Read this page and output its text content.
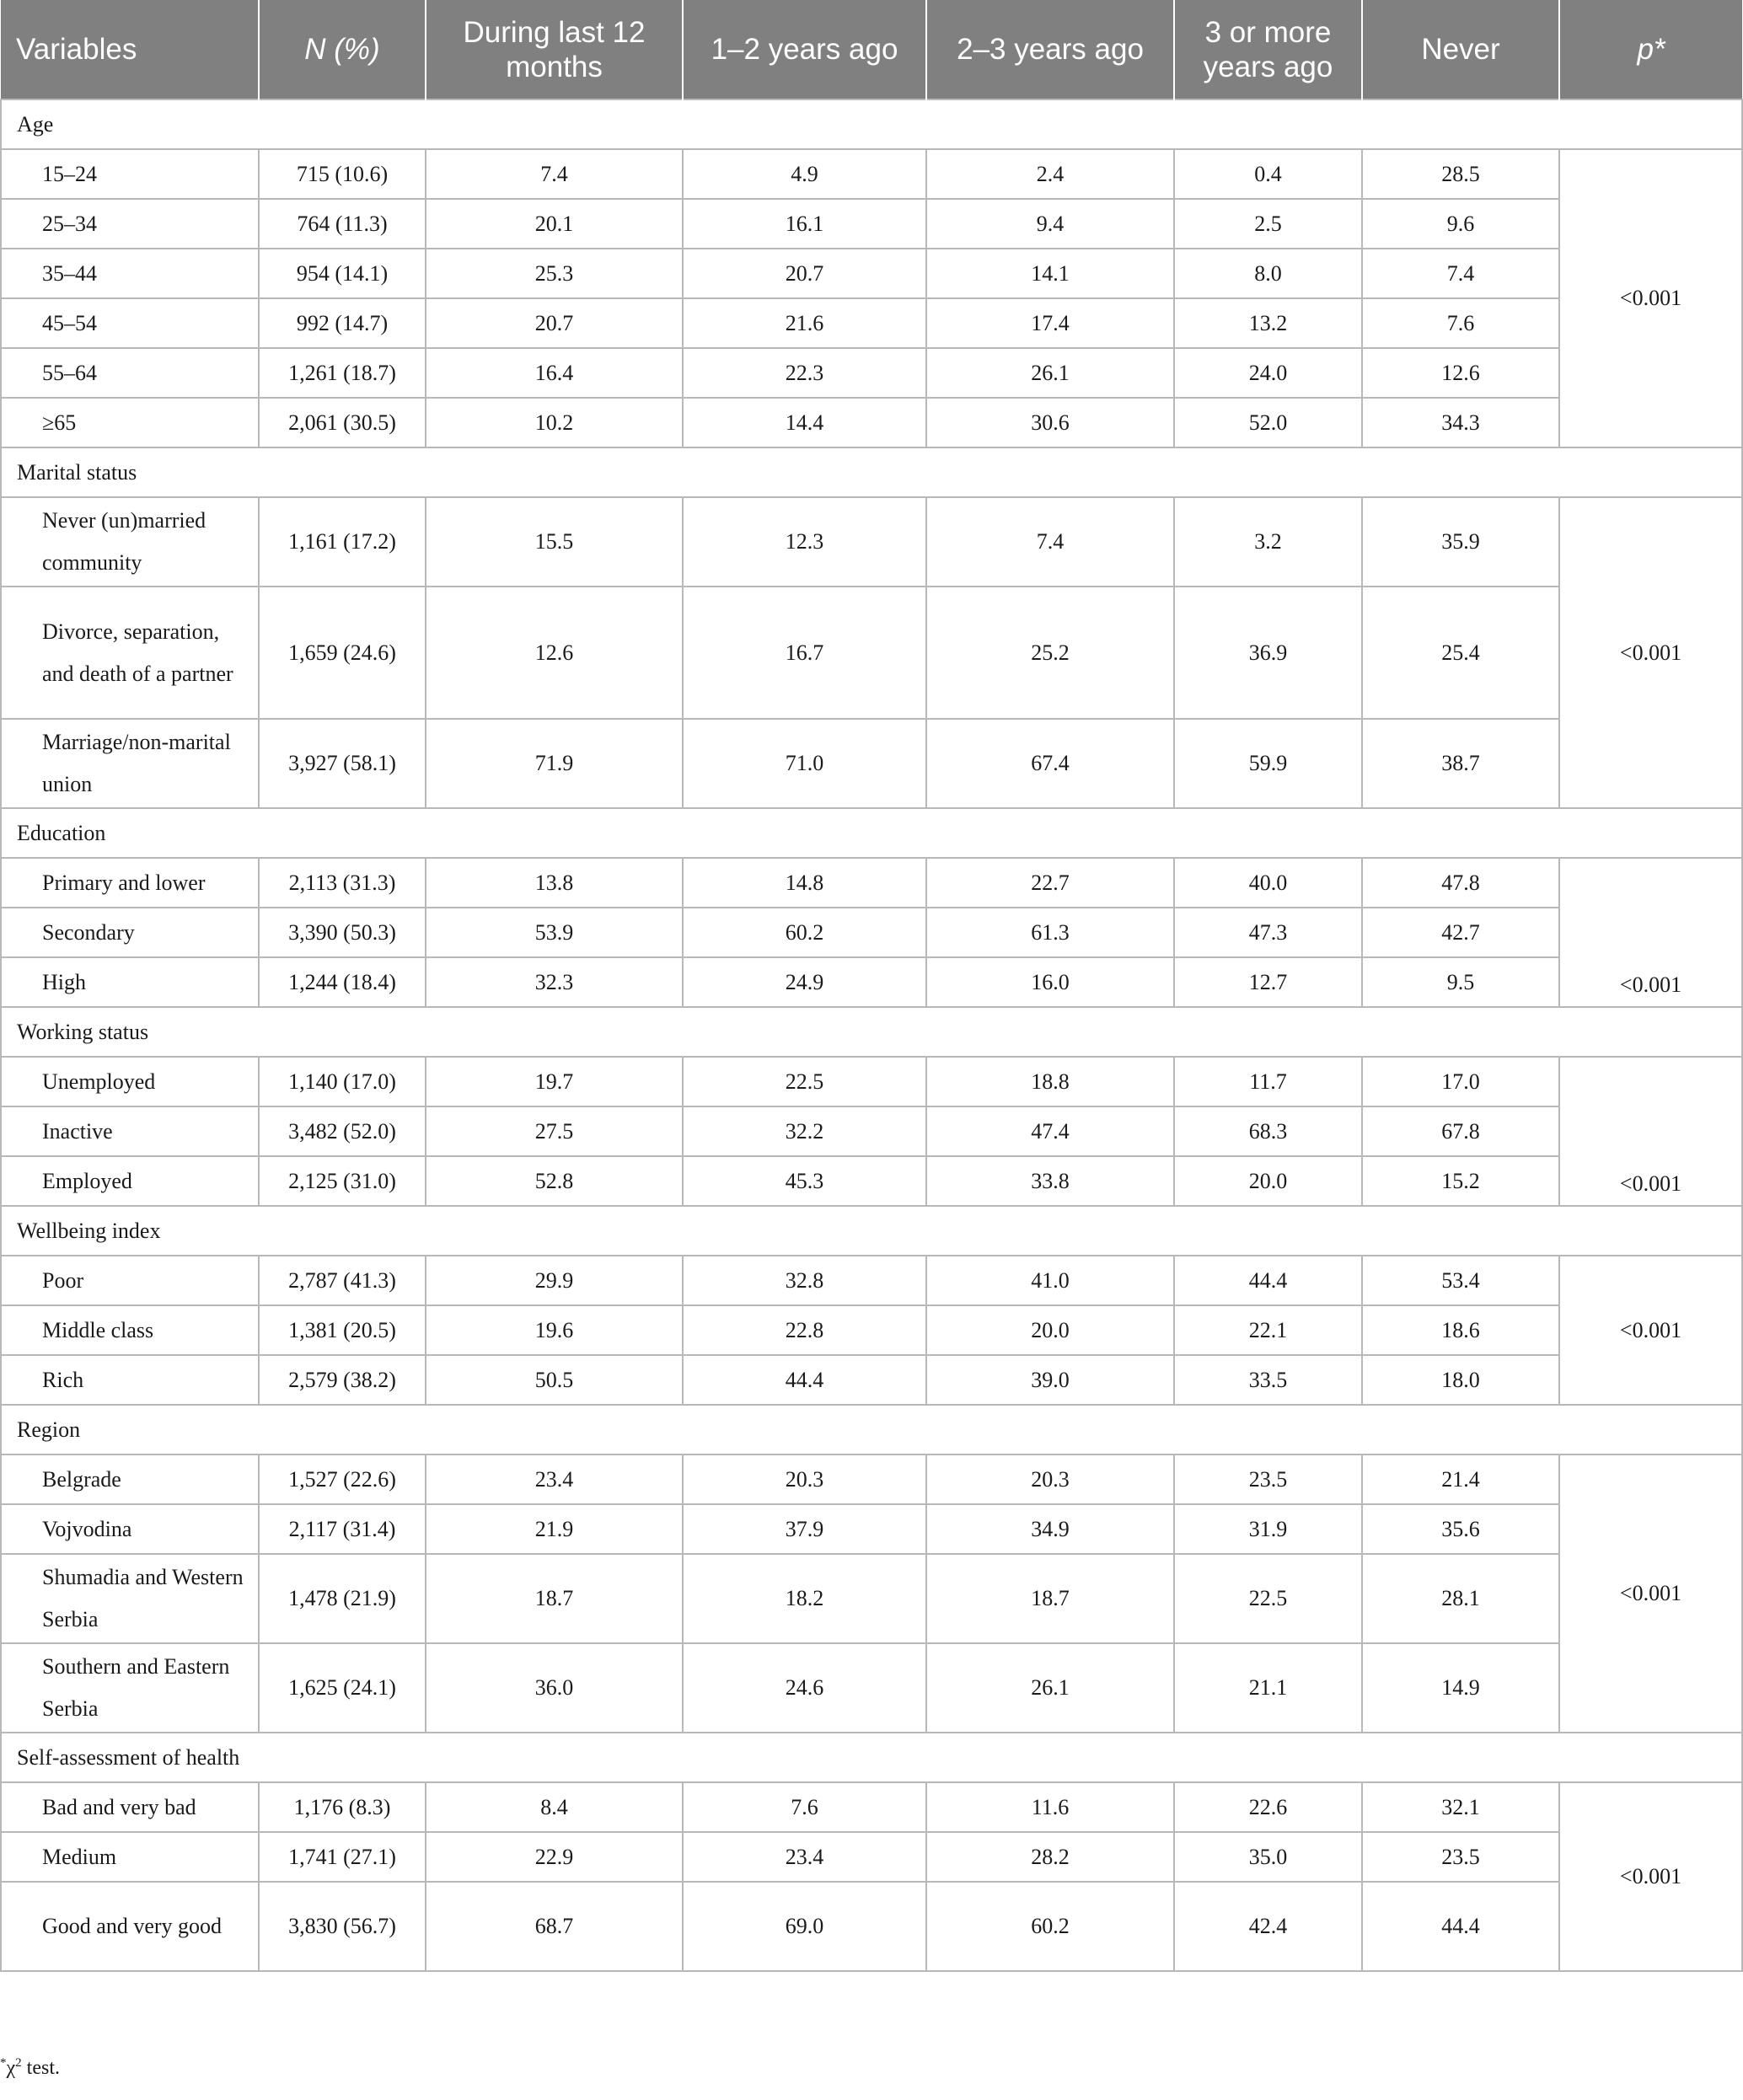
Variables	N (%)	During last 12 months	1–2 years ago	2–3 years ago	3 or more years ago	Never	p*
Age							
15–24	715 (10.6)	7.4	4.9	2.4	0.4	28.5	<0.001
25–34	764 (11.3)	20.1	16.1	9.4	2.5	9.6	
35–44	954 (14.1)	25.3	20.7	14.1	8.0	7.4	
45–54	992 (14.7)	20.7	21.6	17.4	13.2	7.6	
55–64	1,261 (18.7)	16.4	22.3	26.1	24.0	12.6	
≥65	2,061 (30.5)	10.2	14.4	30.6	52.0	34.3	
Marital status							
Never (un)married community	1,161 (17.2)	15.5	12.3	7.4	3.2	35.9	<0.001
Divorce, separation, and death of a partner	1,659 (24.6)	12.6	16.7	25.2	36.9	25.4	
Marriage/non-marital union	3,927 (58.1)	71.9	71.0	67.4	59.9	38.7	
Education							
Primary and lower	2,113 (31.3)	13.8	14.8	22.7	40.0	47.8	<0.001
Secondary	3,390 (50.3)	53.9	60.2	61.3	47.3	42.7	
High	1,244 (18.4)	32.3	24.9	16.0	12.7	9.5	
Working status							
Unemployed	1,140 (17.0)	19.7	22.5	18.8	11.7	17.0	<0.001
Inactive	3,482 (52.0)	27.5	32.2	47.4	68.3	67.8	
Employed	2,125 (31.0)	52.8	45.3	33.8	20.0	15.2	
Wellbeing index							
Poor	2,787 (41.3)	29.9	32.8	41.0	44.4	53.4	<0.001
Middle class	1,381 (20.5)	19.6	22.8	20.0	22.1	18.6	
Rich	2,579 (38.2)	50.5	44.4	39.0	33.5	18.0	
Region							
Belgrade	1,527 (22.6)	23.4	20.3	20.3	23.5	21.4	<0.001
Vojvodina	2,117 (31.4)	21.9	37.9	34.9	31.9	35.6	
Shumadia and Western Serbia	1,478 (21.9)	18.7	18.2	18.7	22.5	28.1	
Southern and Eastern Serbia	1,625 (24.1)	36.0	24.6	26.1	21.1	14.9	
Self-assessment of health							
Bad and very bad	1,176 (8.3)	8.4	7.6	11.6	22.6	32.1	<0.001
Medium	1,741 (27.1)	22.9	23.4	28.2	35.0	23.5	
Good and very good	3,830 (56.7)	68.7	69.0	60.2	42.4	44.4	
$^*\chi^2$ test.
